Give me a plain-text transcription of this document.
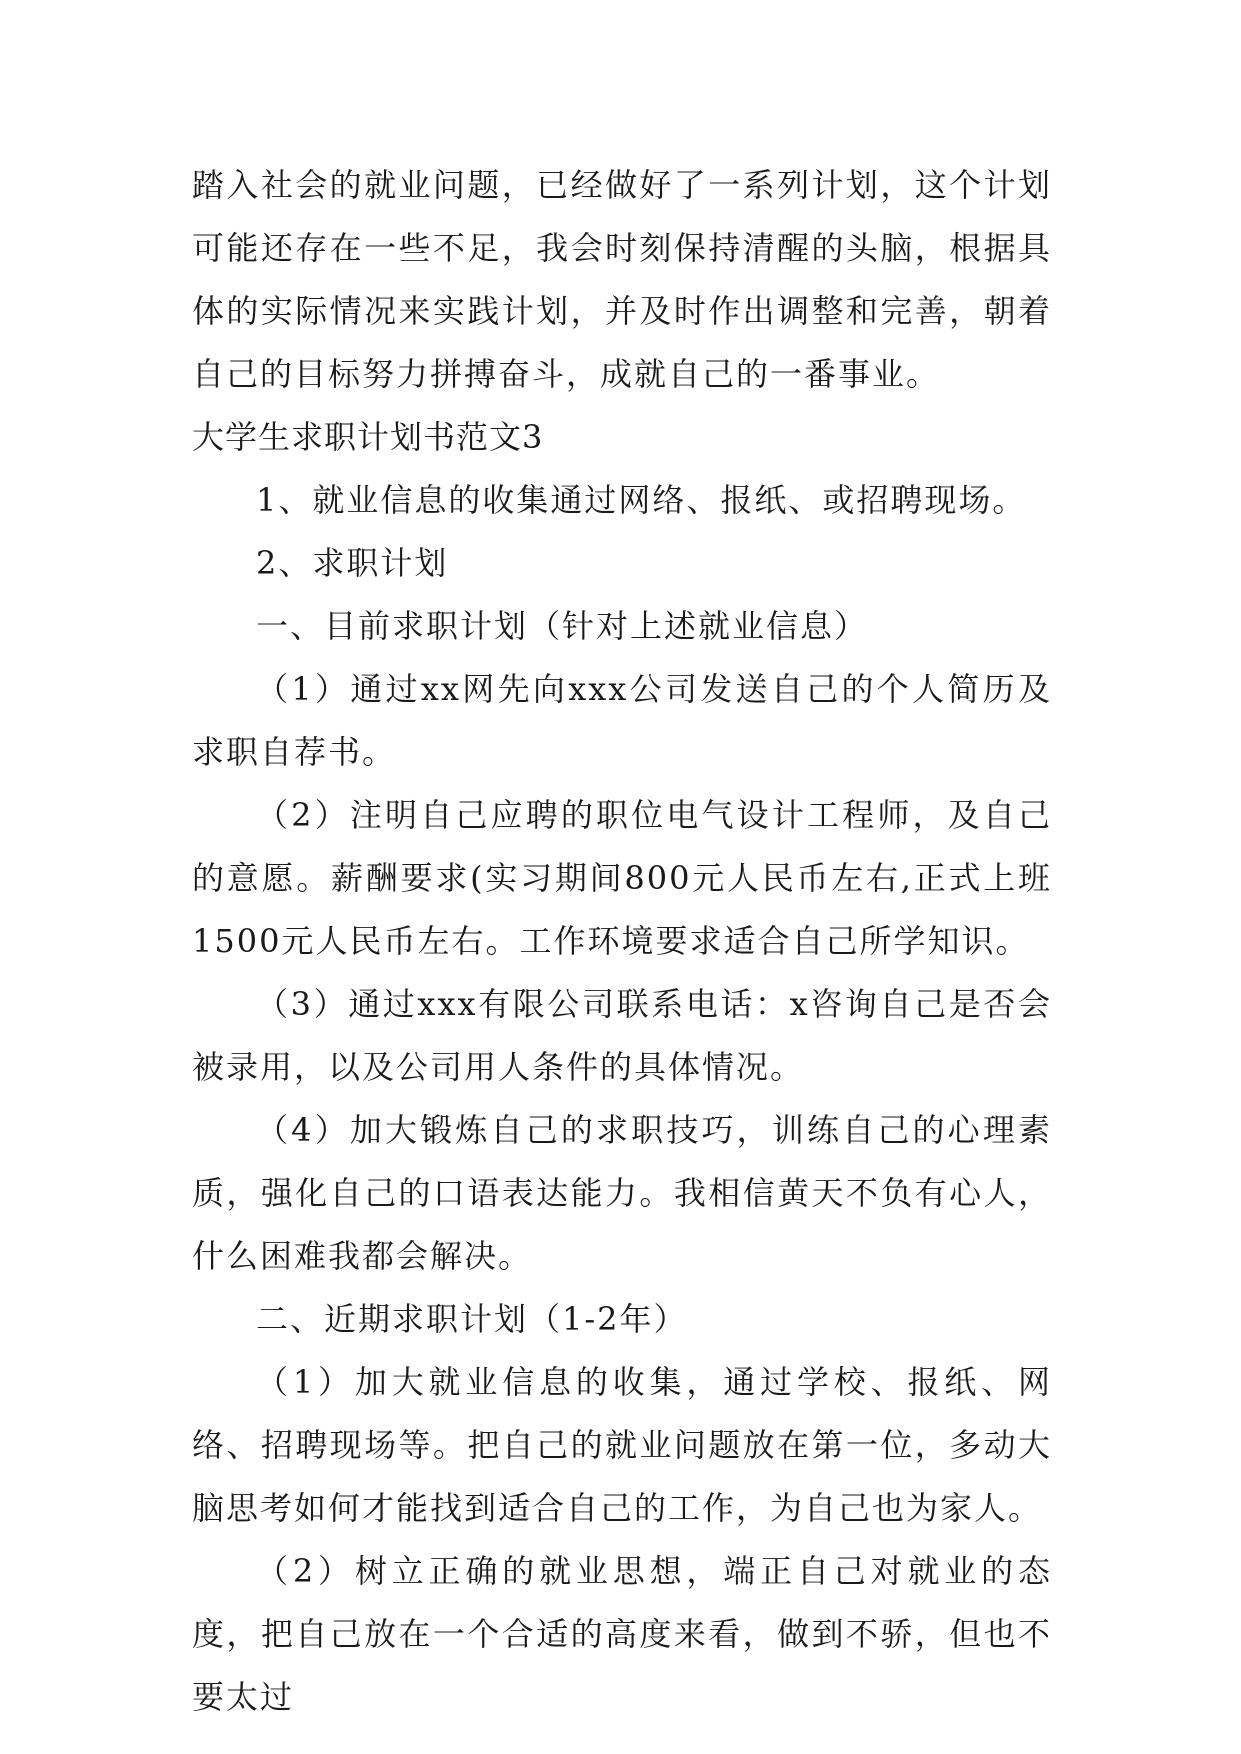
踏入社会的就业问题，已经做好了一系列计划，这个计划可能还存在一些不足，我会时刻保持清醒的头脑，根据具体的实际情况来实践计划，并及时作出调整和完善，朝着自己的目标努力拼搏奋斗，成就自己的一番事业。

大学生求职计划书范文3

1、就业信息的收集通过网络、报纸、或招聘现场。

2、求职计划

一、目前求职计划（针对上述就业信息）

（1）通过xx网先向xxx公司发送自己的个人简历及求职自荐书。

（2）注明自己应聘的职位电气设计工程师，及自己的意愿。薪酬要求(实习期间800元人民币左右,正式上班1500元人民币左右。工作环境要求适合自己所学知识。

（3）通过xxx有限公司联系电话：x咨询自己是否会被录用，以及公司用人条件的具体情况。

（4）加大锻炼自己的求职技巧，训练自己的心理素质，强化自己的口语表达能力。我相信黄天不负有心人，什么困难我都会解决。

二、近期求职计划（1-2年）

（1）加大就业信息的收集，通过学校、报纸、网络、招聘现场等。把自己的就业问题放在第一位，多动大脑思考如何才能找到适合自己的工作，为自己也为家人。

（2）树立正确的就业思想，端正自己对就业的态度，把自己放在一个合适的高度来看，做到不骄，但也不要太过
